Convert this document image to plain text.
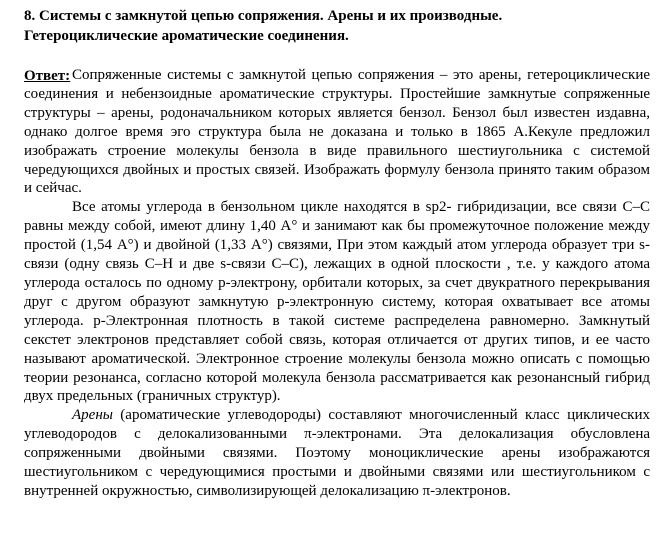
8. Системы с замкнутой цепью сопряжения. Арены и их производные.
Гетероциклические ароматические соединения.

Ответ: Сопряженные системы с замкнутой цепью сопряжения – это арены, гетероциклические соединения и небензоидные ароматические структуры. Простейшие замкнутые сопряженные структуры – арены, родоначальником которых является бензол. Бензол был известен издавна, однако долгое время эго структура была не доказана и только в 1865 А.Кекуле предложил изображать строение молекулы бензола в виде правильного шестиугольника с системой чередующихся двойных и простых связей. Изображать формулу бензола принято таким образом и сейчас.

Все атомы углерода в бензольном цикле находятся в sp2- гибридизации, все связи С–С равны между собой, имеют длину 1,40 А° и занимают как бы промежуточное положение между простой (1,54 А°) и двойной (1,33 А°) связями, При этом каждый атом углерода образует три s- связи (одну связь С–Н и две s-связи С–С), лежащих в одной плоскости , т.е. у каждого атома углерода осталось по одному р-электрону, орбитали которых, за счет двукратного перекрывания друг с другом образуют замкнутую р-электронную систему, которая охватывает все атомы углерода. р-Электронная плотность в такой системе распределена равномерно. Замкнутый секстет электронов представляет собой связь, которая отличается от других типов, и ее часто называют ароматической. Электронное строение молекулы бензола можно описать с помощью теории резонанса, согласно которой молекула бензола рассматривается как резонансный гибрид двух предельных (граничных структур).

Арены (ароматические углеводороды) составляют многочисленный класс циклических углеводородов с делокализованными π-электронами. Эта делокализация обусловлена сопряженными двойными связями. Поэтому моноциклические арены изображаются шестиугольником с чередующимися простыми и двойными связями или шестиугольником с внутренней окружностью, символизирующей делокализацию π-электронов.
